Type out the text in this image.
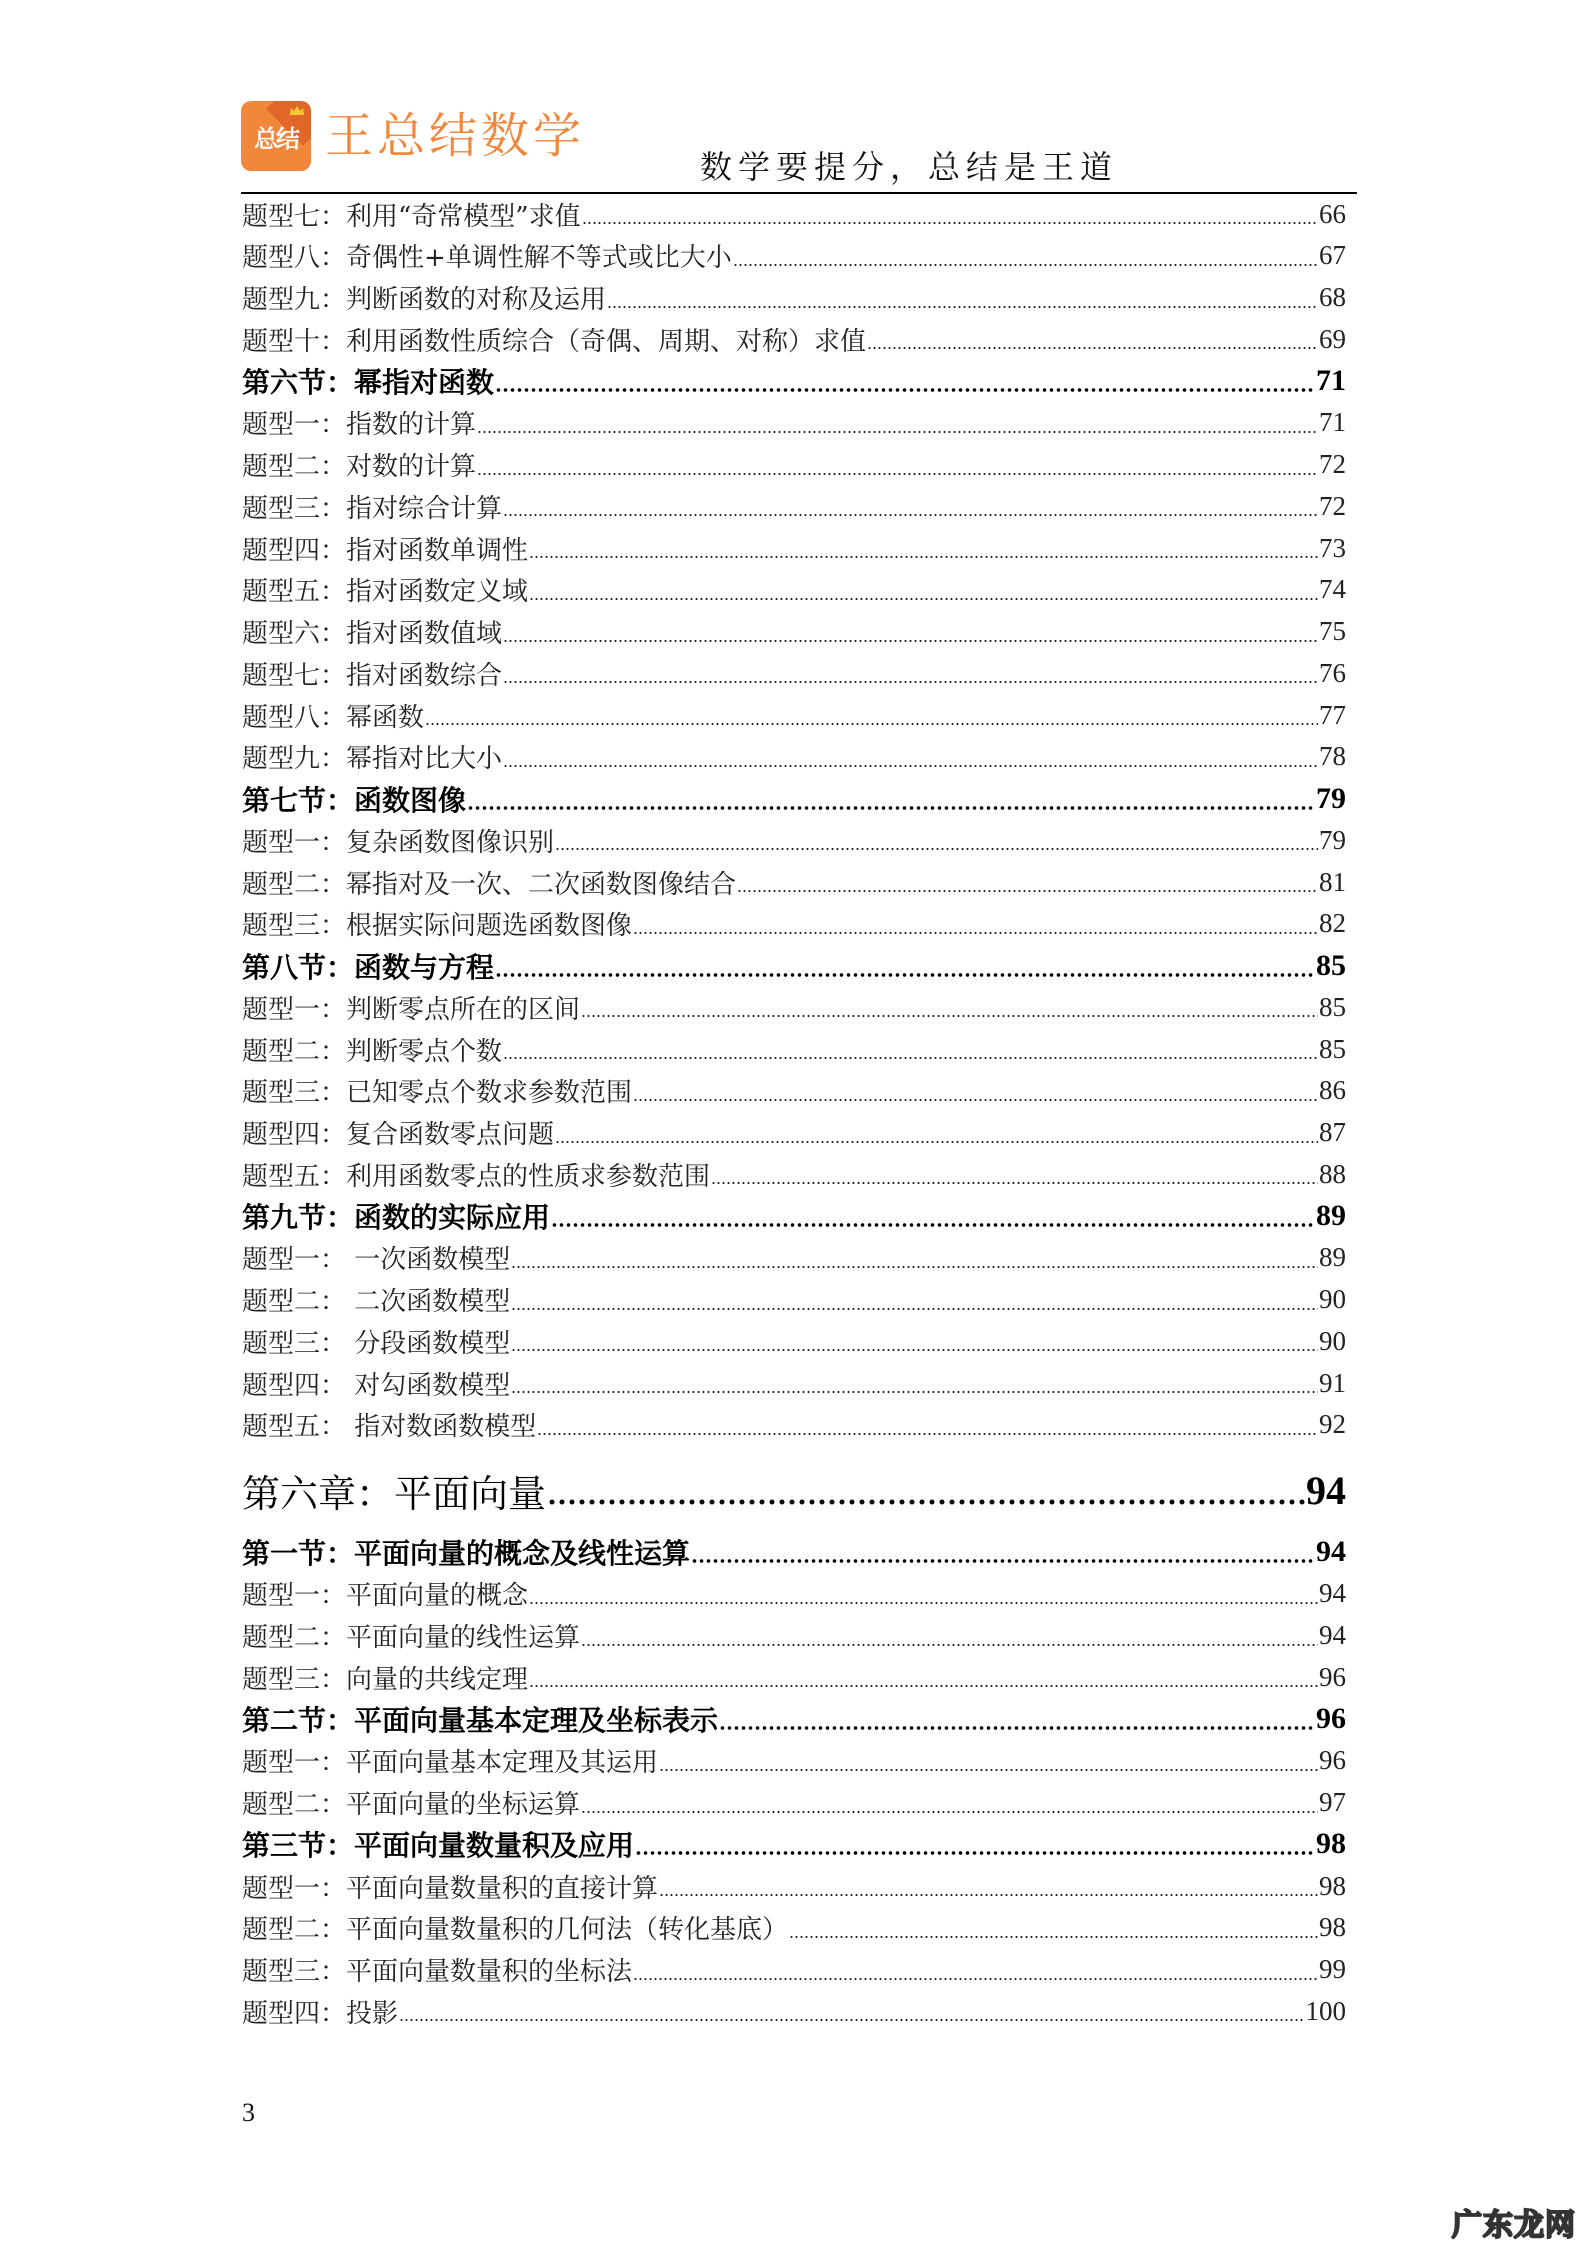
总结 王总结数学
数学要提分，总结是王道
题型七：利用“奇常模型”求值	66
题型八：奇偶性+单调性解不等式或比大小	67
题型九：判断函数的对称及运用	68
题型十：利用函数性质综合（奇偶、周期、对称）求值	69
第六节：幂指对函数	71
题型一：指数的计算	71
题型二：对数的计算	72
题型三：指对综合计算	72
题型四：指对函数单调性	73
题型五：指对函数定义域	74
题型六：指对函数值域	75
题型七：指对函数综合	76
题型八：幂函数	77
题型九：幂指对比大小	78
第七节：函数图像	79
题型一：复杂函数图像识别	79
题型二：幂指对及一次、二次函数图像结合	81
题型三：根据实际问题选函数图像	82
第八节：函数与方程	85
题型一：判断零点所在的区间	85
题型二：判断零点个数	85
题型三：已知零点个数求参数范围	86
题型四：复合函数零点问题	87
题型五：利用函数零点的性质求参数范围	88
第九节：函数的实际应用	89
题型一： 一次函数模型	89
题型二： 二次函数模型	90
题型三： 分段函数模型	90
题型四： 对勾函数模型	91
题型五： 指对数函数模型	92
第六章：平面向量	94
第一节：平面向量的概念及线性运算	94
题型一：平面向量的概念	94
题型二：平面向量的线性运算	94
题型三：向量的共线定理	96
第二节：平面向量基本定理及坐标表示	96
题型一：平面向量基本定理及其运用	96
题型二：平面向量的坐标运算	97
第三节：平面向量数量积及应用	98
题型一：平面向量数量积的直接计算	98
题型二：平面向量数量积的几何法（转化基底）	98
题型三：平面向量数量积的坐标法	99
题型四：投影	100
3
广东龙网
